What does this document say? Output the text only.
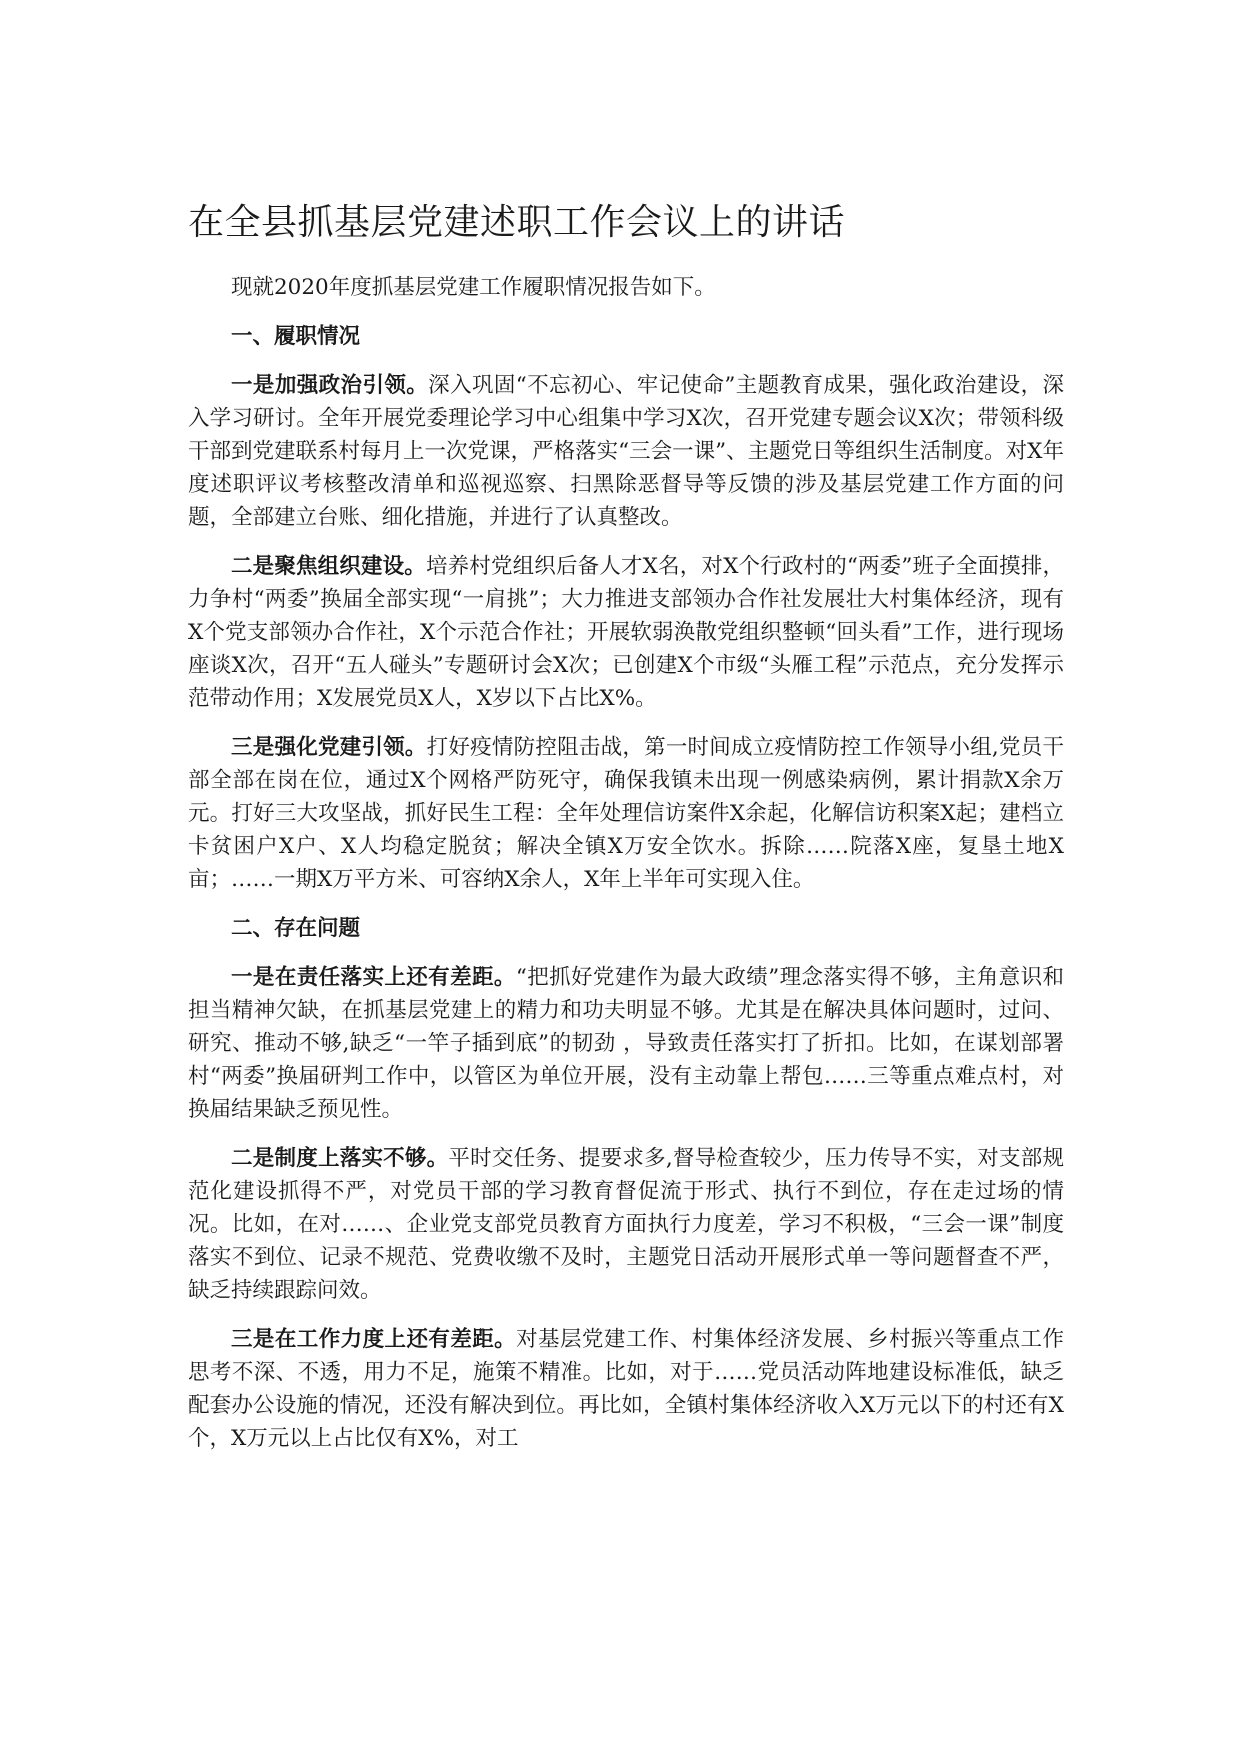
在全县抓基层党建述职工作会议上的讲话

现就2020年度抓基层党建工作履职情况报告如下。

一、履职情况

一是加强政治引领。深入巩固“不忘初心、牢记使命”主题教育成果，强化政治建设，深入学习研讨。全年开展党委理论学习中心组集中学习X次，召开党建专题会议X次；带领科级干部到党建联系村每月上一次党课，严格落实“三会一课”、主题党日等组织生活制度。对X年度述职评议考核整改清单和巡视巡察、扫黑除恶督导等反馈的涉及基层党建工作方面的问题，全部建立台账、细化措施，并进行了认真整改。

二是聚焦组织建设。培养村党组织后备人才X名，对X个行政村的“两委”班子全面摸排，力争村“两委”换届全部实现“一肩挑”；大力推进支部领办合作社发展壮大村集体经济，现有X个党支部领办合作社，X个示范合作社；开展软弱涣散党组织整顿“回头看”工作，进行现场座谈X次，召开“五人碰头”专题研讨会X次；已创建X个市级“头雁工程”示范点，充分发挥示范带动作用；X发展党员X人，X岁以下占比X%。

三是强化党建引领。打好疫情防控阻击战，第一时间成立疫情防控工作领导小组,党员干部全部在岗在位，通过X个网格严防死守，确保我镇未出现一例感染病例，累计捐款X余万元。打好三大攻坚战，抓好民生工程：全年处理信访案件X余起，化解信访积案X起；建档立卡贫困户X户、X人均稳定脱贫；解决全镇X万安全饮水。拆除……院落X座，复垦土地X亩；……一期X万平方米、可容纳X余人，X年上半年可实现入住。

二、存在问题

一是在责任落实上还有差距。“把抓好党建作为最大政绩”理念落实得不够，主角意识和担当精神欠缺，在抓基层党建上的精力和功夫明显不够。尤其是在解决具体问题时，过问、研究、推动不够,缺乏“一竿子插到底”的韧劲 ，导致责任落实打了折扣。比如，在谋划部署村“两委”换届研判工作中，以管区为单位开展，没有主动靠上帮包……三等重点难点村，对换届结果缺乏预见性。

二是制度上落实不够。平时交任务、提要求多,督导检查较少，压力传导不实，对支部规范化建设抓得不严，对党员干部的学习教育督促流于形式、执行不到位，存在走过场的情况。比如，在对……、企业党支部党员教育方面执行力度差，学习不积极，“三会一课”制度落实不到位、记录不规范、党费收缴不及时，主题党日活动开展形式单一等问题督查不严，缺乏持续跟踪问效。

三是在工作力度上还有差距。对基层党建工作、村集体经济发展、乡村振兴等重点工作思考不深、不透，用力不足，施策不精准。比如，对于……党员活动阵地建设标准低，缺乏配套办公设施的情况，还没有解决到位。再比如，全镇村集体经济收入X万元以下的村还有X个，X万元以上占比仅有X%，对工
